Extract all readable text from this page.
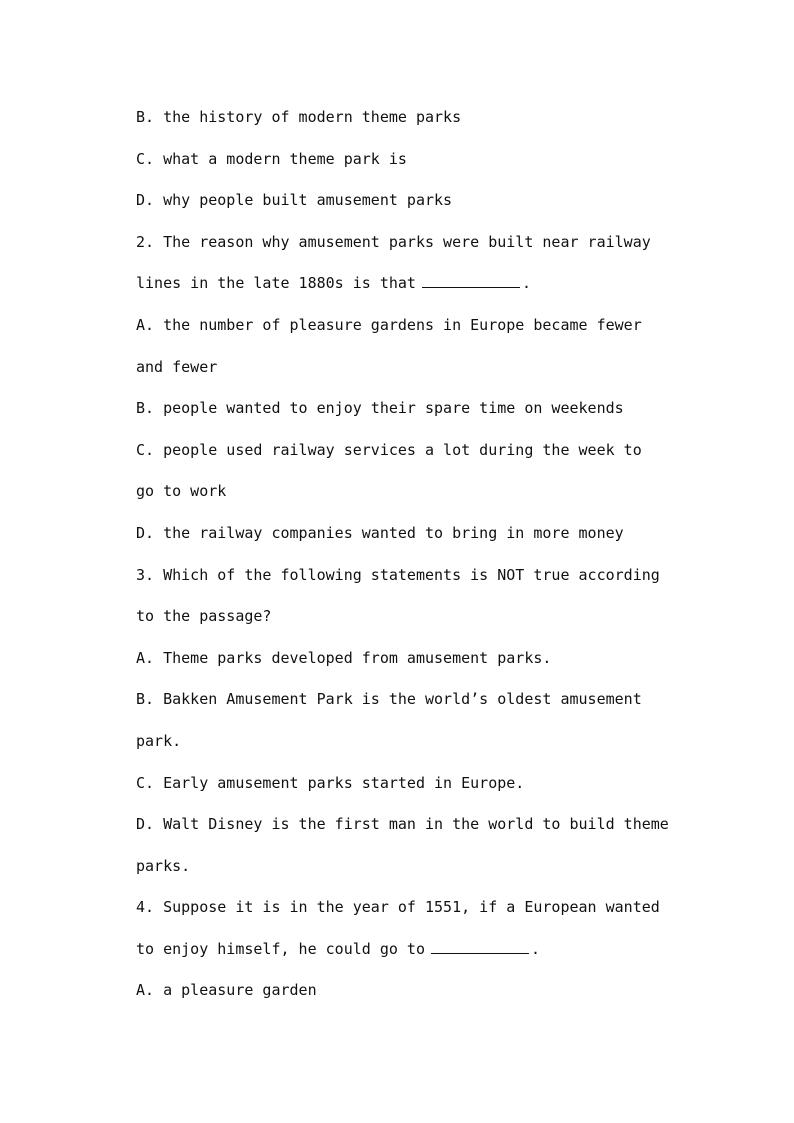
B. the history of modern theme parks
C. what a modern theme park is
D. why people built amusement parks
2. The reason why amusement parks were built near railway
lines in the late 1880s is that	.
A. the number of pleasure gardens in Europe became fewer
and fewer
B. people wanted to enjoy their spare time on weekends
C. people used railway services a lot during the week to
go to work
D. the railway companies wanted to bring in more money
3. Which of the following statements is NOT true according
to the passage?
A. Theme parks developed from amusement parks.
B. Bakken Amusement Park is the world’s oldest amusement
park.
C. Early amusement parks started in Europe.
D. Walt Disney is the first man in the world to build theme
parks.
4. Suppose it is in the year of 1551, if a European wanted
to enjoy himself, he could go to	.
A. a pleasure garden
